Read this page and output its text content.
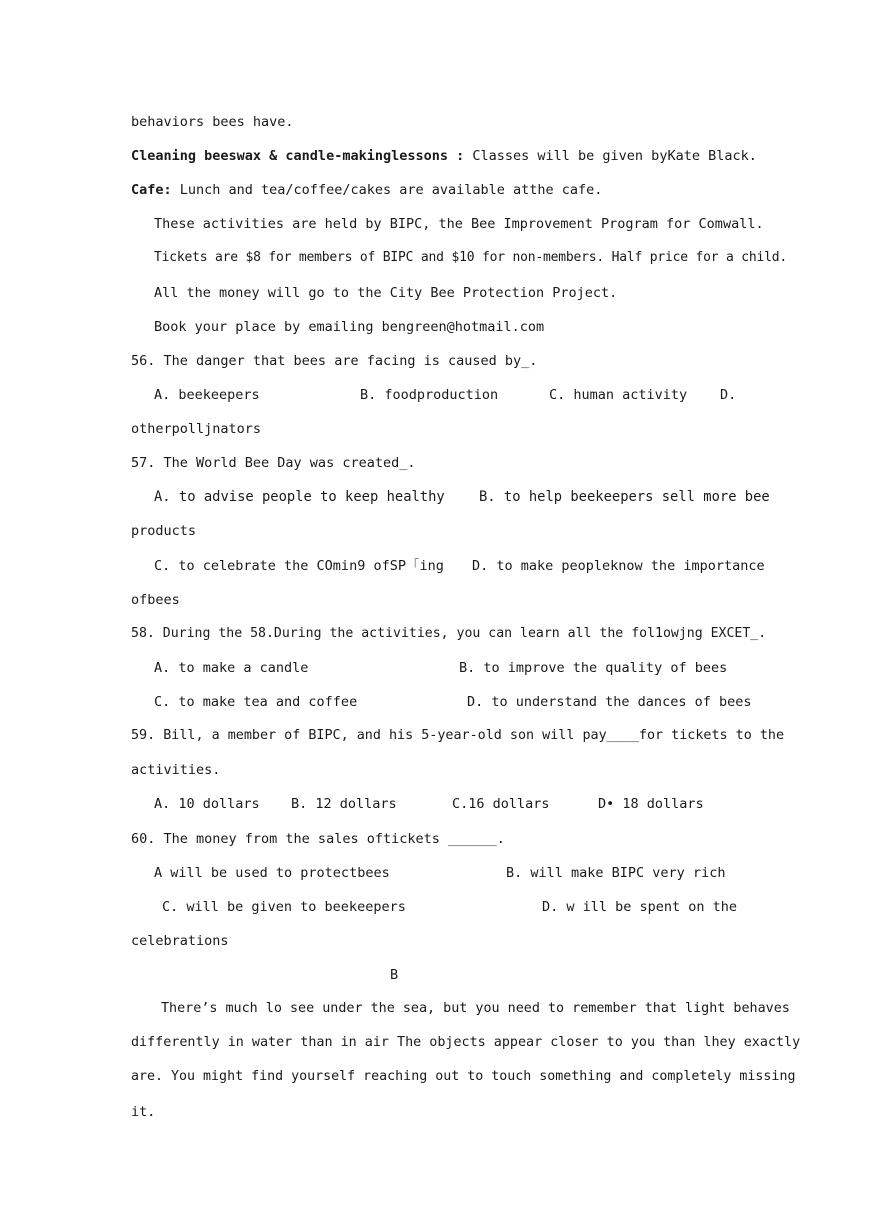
behaviors bees have.
Cleaning beeswax & candle-makinglessons : Classes will be given byKate Black.
Cafe: Lunch and tea/coffee/cakes are available atthe cafe.
These activities are held by BIPC, the Bee Improvement Program for Comwall.
Tickets are $8 for members of BIPC and $10 for non-members. Half price for a child.
All the money will go to the City Bee Protection Project.
Book your place by emailing bengreen@hotmail.com
56. The danger that bees are facing is caused by_.
A. beekeepers	B. foodproduction	C. human activity D.
otherpolljnators
57. The World Bee Day was created_.
A. to advise people to keep healthy B. to help beekeepers sell more bee
products
C. to celebrate the COmin9 ofSP「ing D. to make peopleknow the importance
ofbees
58. During the 58.During the activities, you can learn all the fol1owjng EXCET_.
A. to make a candle	B. to improve the quality of bees
C. to make tea and coffee	D. to understand the dances of bees
59. Bill, a member of BIPC, and his 5-year-old son will pay____for tickets to the
activities.
A. 10 dollars B. 12 dollars	C.16 dollars	D• 18 dollars
60. The money from the sales oftickets ______.
A will be used to protectbees	B. will make BIPC very rich
C. will be given to beekeepers	D. w ill be spent on the
celebrations
B
There’s much lo see under the sea, but you need to remember that light behaves
differently in water than in air The objects appear closer to you than lhey exactly
are. You might find yourself reaching out to touch something and completely missing
it.
